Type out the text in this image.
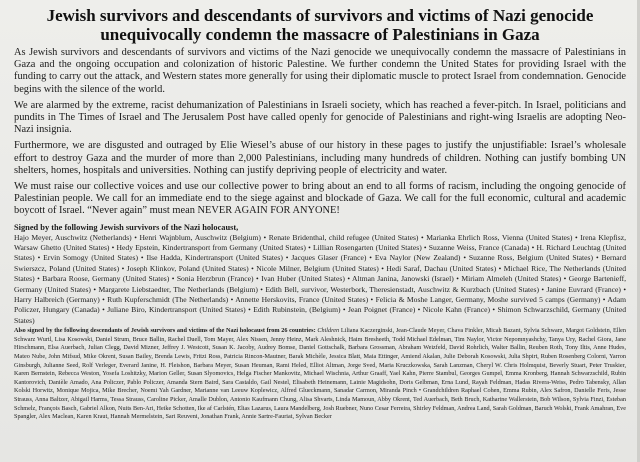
Jewish survivors and descendants of survivors and victims of Nazi genocide unequivocally condemn the massacre of Palestinians in Gaza

As Jewish survivors and descendants of survivors and victims of the Nazi genocide we unequivocally condemn the massacre of Palestinians in Gaza and the ongoing occupation and colonization of historic Palestine. We further condemn the United States for providing Israel with the funding to carry out the attack, and Western states more generally for using their diplomatic muscle to protect Israel from condemnation. Genocide begins with the silence of the world.

We are alarmed by the extreme, racist dehumanization of Palestinians in Israeli society, which has reached a fever-pitch. In Israel, politicians and pundits in The Times of Israel and The Jerusalem Post have called openly for genocide of Palestinians and right-wing Israelis are adopting Neo-Nazi insignia.

Furthermore, we are disgusted and outraged by Elie Wiesel’s abuse of our history in these pages to justify the unjustifiable: Israel’s wholesale effort to destroy Gaza and the murder of more than 2,000 Palestinians, including many hundreds of children. Nothing can justify bombing UN shelters, homes, hospitals and universities. Nothing can justify depriving people of electricity and water.

We must raise our collective voices and use our collective power to bring about an end to all forms of racism, including the ongoing genocide of Palestinian people. We call for an immediate end to the siege against and blockade of Gaza. We call for the full economic, cultural and academic boycott of Israel. “Never again” must mean NEVER AGAIN FOR ANYONE!

Signed by the following Jewish survivors of the Nazi holocaust,

Hajo Meyer, Auschwitz (Netherlands) • Henri Wajnblum, Auschwitz (Belgium) • Renate Bridenthal, child refugee (United States) • Marianka Ehrlich Ross, Vienna (United States) • Irena Klepfisz, Warsaw Ghetto (United States) • Hedy Epstein, Kindertransport from Germany (United States) • Lillian Rosengarten (United States) • Suzanne Weiss, France (Canada) • H. Richard Leuchtag (United States) • Ervin Somogy (United States) • Ilse Hadda, Kindertransport (United States) • Jacques Glaser (France) • Eva Naylor (New Zealand) • Suzanne Ross, Belgium (United States) • Bernard Swierszcz, Poland (United States) • Joseph Klinkov, Poland (United States) • Nicole Milner, Belgium (United States) • Hedi Saraf, Dachau (United States) • Michael Rice, The Netherlands (United States) • Barbara Roose, Germany (United States) • Sonia Herzbrun (France) • Ivan Huber (United States) • Altman Janina, Janowski (Israel) • Miriam Almeleh (United States) • George Bartenieff, Germany (United States) • Margarete Liebstaedter, The Netherlands (Belgium) • Edith Bell, survivor, Westerbork, Theresienstadt, Auschwitz & Kurzbach (United States) • Janine Euvrard (France) • Harry Halbreich (Germany) • Ruth Kupferschmidt (The Netherlands) • Annette Herskovits, France (United States) • Felicia & Moshe Langer, Germany, Moshe survived 5 camps (Germany) • Adam Policzer, Hungary (Canada) • Juliane Biro, Kindertransport (United States) • Edith Rubinstein, (Belgium) • Jean Poignet (France) • Nicole Kahn (France) • Shimon Schwarzschild, Germany (United States)

Also signed by the following descendants of Jewish survivors and victims of the Nazi holocaust from 26 countries: Children Liliana Kaczerginski, Jean-Claude Meyer, Chava Finkler, Micah Bazant, Sylvia Schwarz, Margot Goldstein, Ellen Schwarz Wurtl, Lisa Kosowski, Daniel Strum, Bruce Ballin, Rachel Duell, Tom Mayer, Alex Nissen, Jenny Heinz, Mark Aleshnick, Haim Bresheeth, Todd Michael Edelman, Tim Naylor, Victor Nepomnyashchy, Tanya Ury, Rachel Giora, Jane Hirschmann, Elsa Auerbach, Julian Clegg, David Mizner, Jeffrey J. Westcott, Susan K. Jacoby, Audrey Bomse, Daniel Gottschalk, Barbara Grossman, Abraham Weizfeld, David Rohrlich, Walter Ballin, Reuben Roth, Tony Iltis, Anne Hudes, Mateo Nube, John Mifsud, Mike Okrent, Susan Bailey, Brenda Lewis, Fritzi Ross, Patricia Rincon-Mautner, Barak Michèle, Jessica Blatt, Maia Ettinger, Amiend Akalan, Julie Deborah Kosowski, Julia Shpirt, Ruben Rosenberg Colorni, Yarron Ginsburgh, Julianne Seed, Rolf Verleger, Everard Janine, H. Fleishon, Barbara Meyer, Susan Heuman, Rami Heled, Elliot Altman, Jorge Sved, Maria Kruczkowska, Sarah Lanzman, Cheryl W. Chris Holmquist, Beverly Stuart, Peter Truskier, Karen Bernstein, Rebecca Weston, Yosefa Loshitzky, Marion Geller, Susan Slyomovics, Helga Fischer Mankovitz, Michael Wischnia, Arthur Graaff, Yael Kahn, Pierre Stambul, Georges Gumpel, Emma Kronberg, Hannah Schwarzschild, Rubin Kantorovich, Danièle Amado, Ana Policzer, Pablo Policzer, Amanda Stern Baird, Sara Castaldo, Gail Nestel, Elisabeth Heinemann, Lainie Magidsohn, Doris Gelbman, Erna Lund, Rayah Feldman, Hadas Rivera-Weiss, Pedro Tabensky, Allan Kolski Horwitz, Monique Mojica, Mike Brecher, Noemi Yah Gardner, Marianne van Leeuw Koplewicz, Alfred Glueckmann, Sanadar Carmon, Miranda Pinch • Grandchildren Raphael Cohen, Emma Rubin, Alex Safron, Danielle Feris, Jesse Strauss, Anna Baltzer, Abigail Harms, Tessa Strauss, Caroline Picker, Amalle Dublon, Antonio Kaufmann Chung, Alisa Shvarts, Linda Mamoun, Abby Okrent, Ted Auerbach, Beth Bruch, Katharine Wallerstein, Bob Wilson, Sylvia Finzi, Esteban Schmelz, François Basch, Gabriel Alkon, Nuits Ben-Ari, Heike Schotten, Ike af Carlstén, Elias Lazarus, Laura Mandelberg, Josh Ruebner, Nuno Cesar Ferreira, Shirley Feldman, Andrea Land, Sarah Goldman, Baruch Wolski, Frank Amahran, Eve Spangler, Alex Maclean, Karen Kraut, Hannah Mermelstein, Sari Reuveni, Jonathan Frank, Annie Sartre-Fauriat, Sylvan Becker
